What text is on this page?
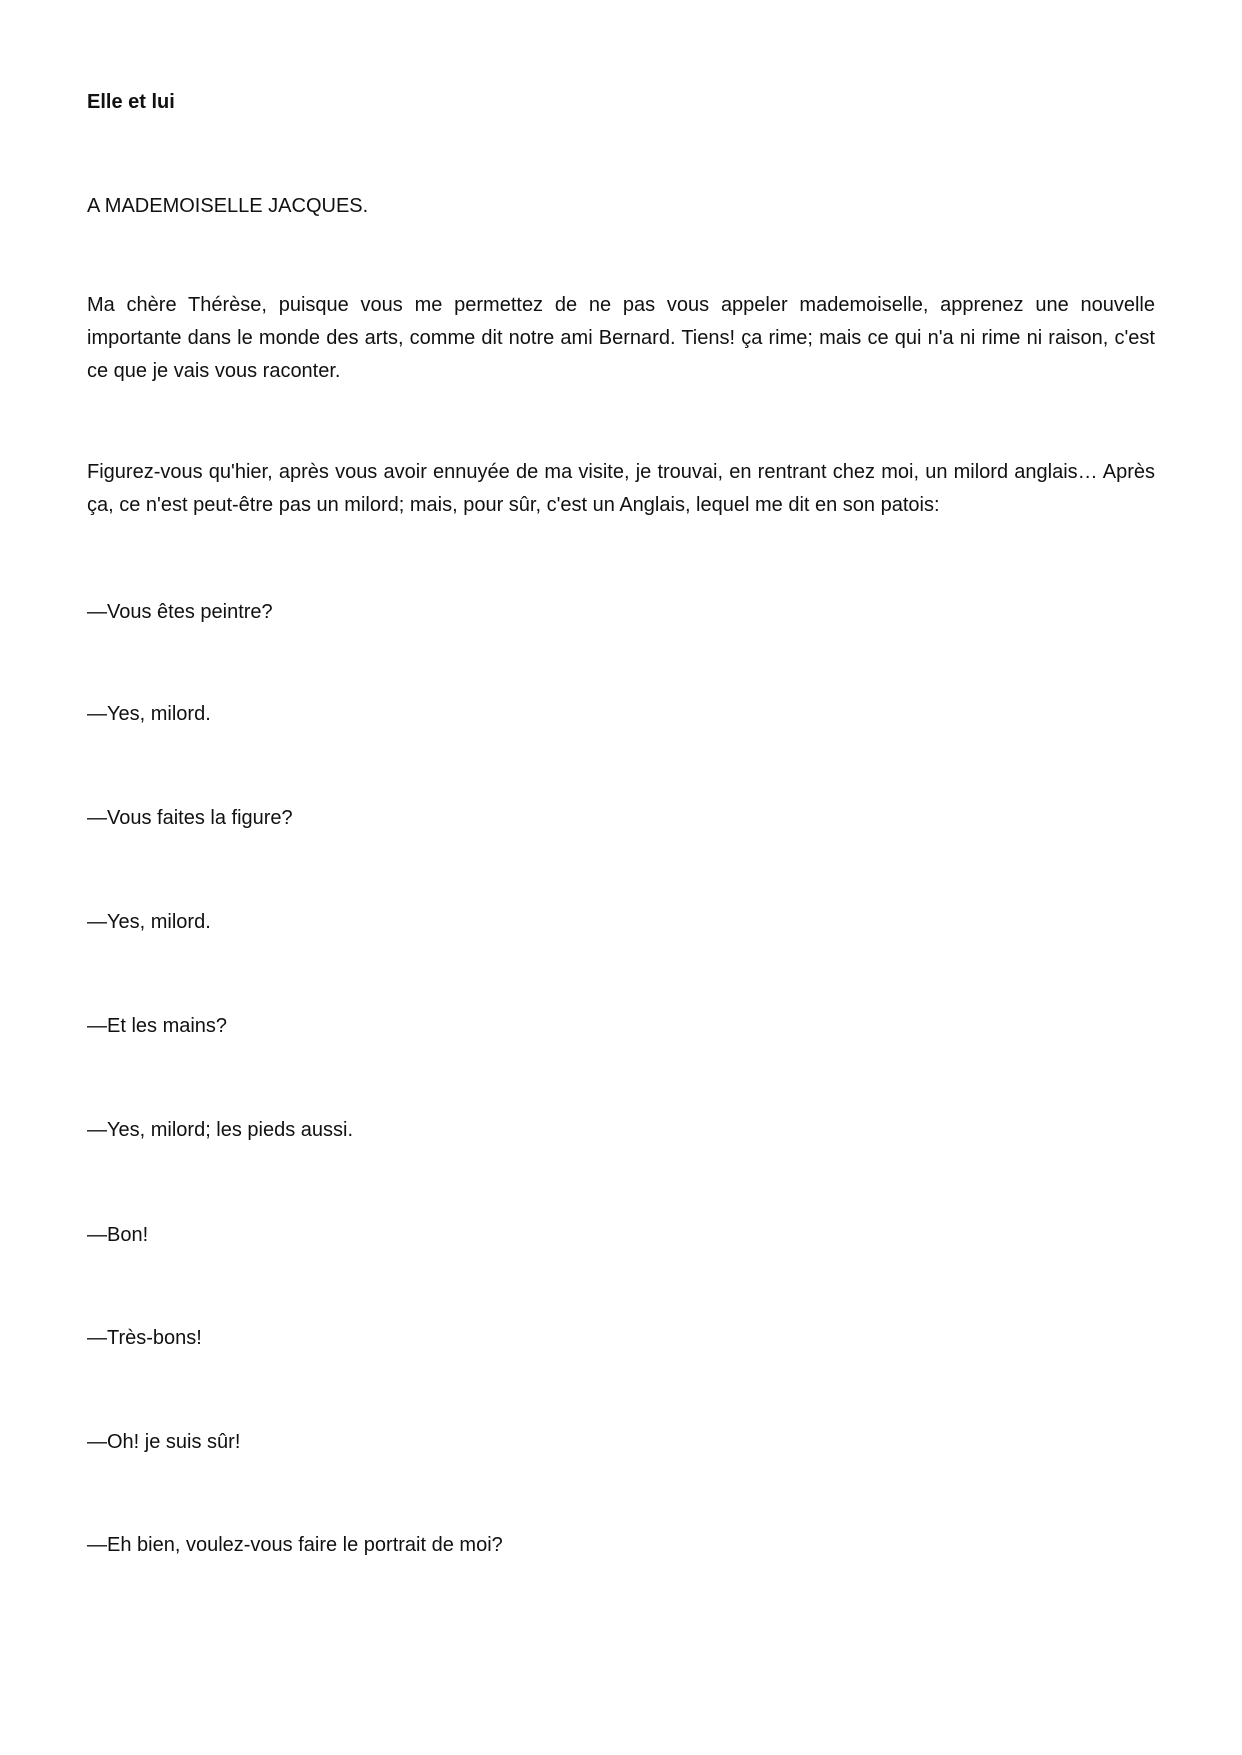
Elle et lui

A MADEMOISELLE JACQUES.

Ma chère Thérèse, puisque vous me permettez de ne pas vous appeler mademoiselle, apprenez une nouvelle importante dans le monde des arts, comme dit notre ami Bernard. Tiens! ça rime; mais ce qui n'a ni rime ni raison, c'est ce que je vais vous raconter.

Figurez-vous qu'hier, après vous avoir ennuyée de ma visite, je trouvai, en rentrant chez moi, un milord anglais… Après ça, ce n'est peut-être pas un milord; mais, pour sûr, c'est un Anglais, lequel me dit en son patois:

—Vous êtes peintre?

—Yes, milord.

—Vous faites la figure?

—Yes, milord.

—Et les mains?

—Yes, milord; les pieds aussi.

—Bon!

—Très-bons!

—Oh! je suis sûr!

—Eh bien, voulez-vous faire le portrait de moi?
